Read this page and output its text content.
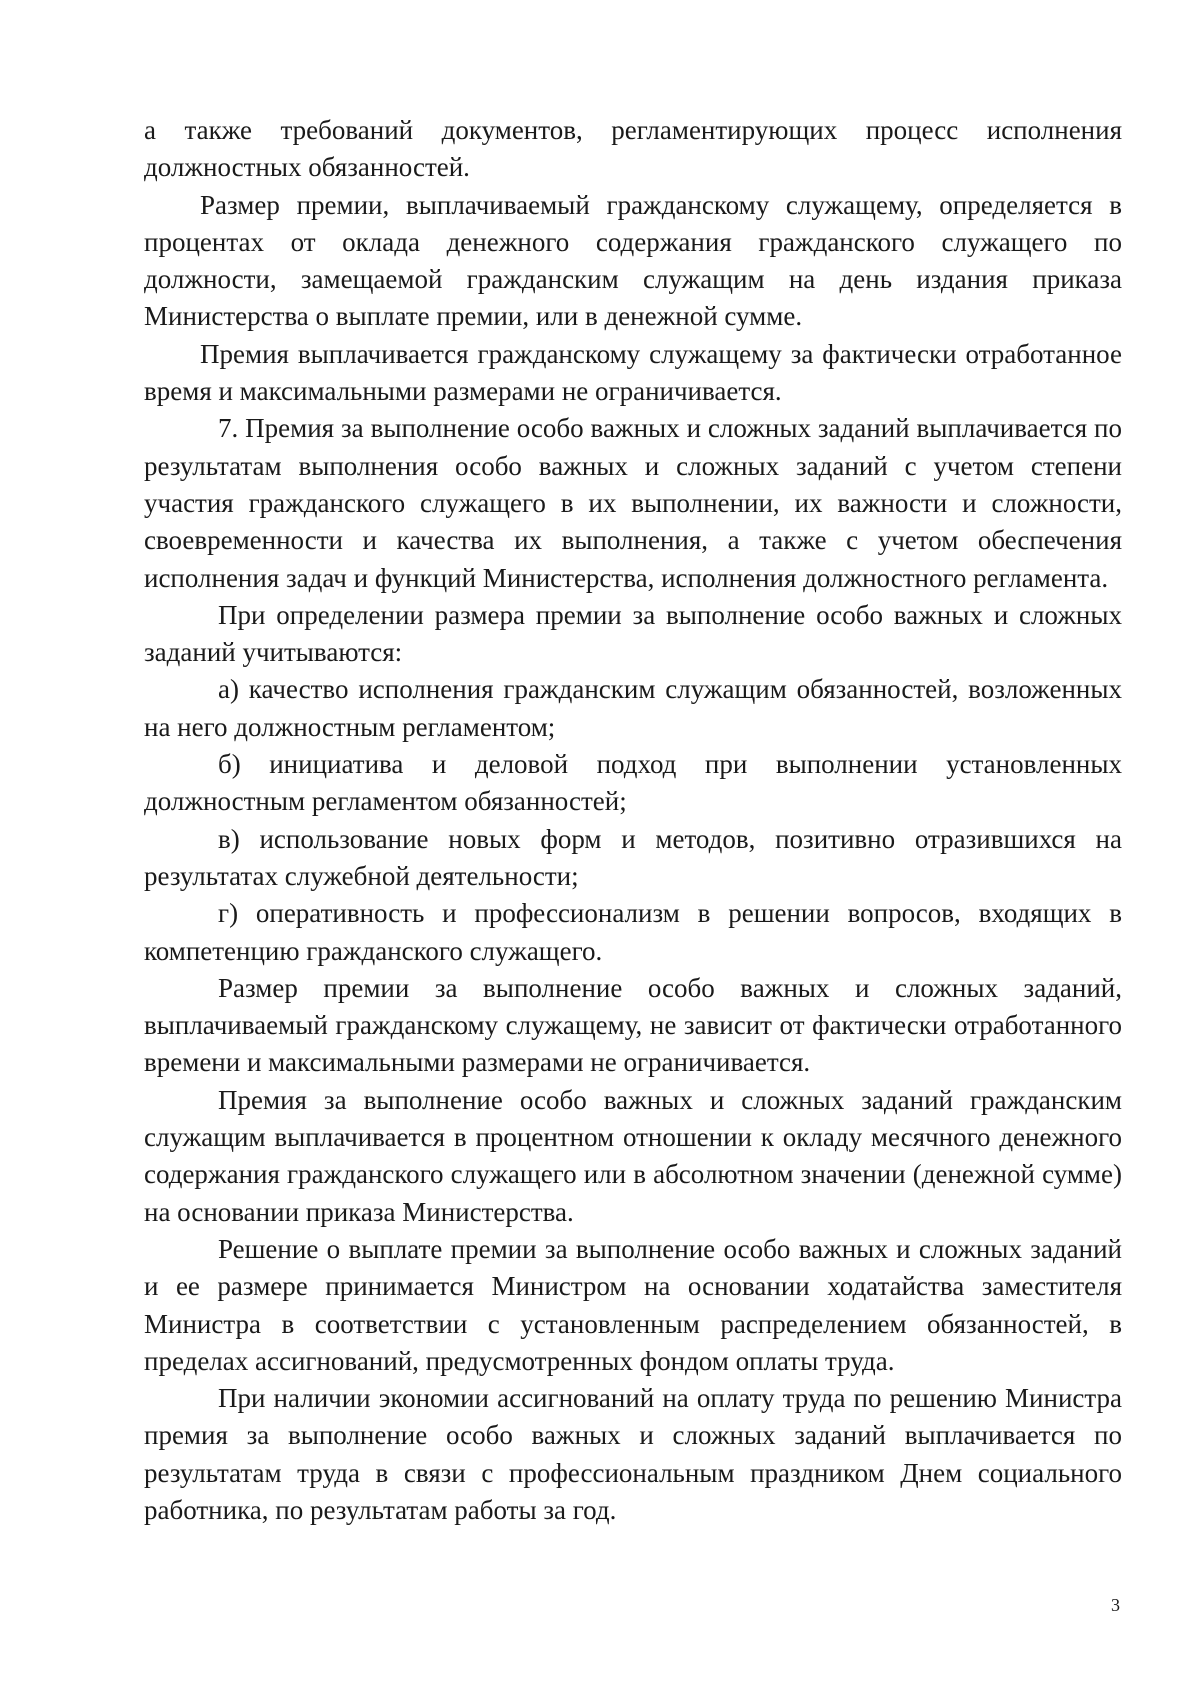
а также требований документов, регламентирующих процесс исполнения должностных обязанностей.

Размер премии, выплачиваемый гражданскому служащему, определяется в процентах от оклада денежного содержания гражданского служащего по должности, замещаемой гражданским служащим на день издания приказа Министерства о выплате премии, или в денежной сумме.

Премия выплачивается гражданскому служащему за фактически отработанное время и максимальными размерами не ограничивается.

7. Премия за выполнение особо важных и сложных заданий выплачивается по результатам выполнения особо важных и сложных заданий с учетом степени участия гражданского служащего в их выполнении, их важности и сложности, своевременности и качества их выполнения, а также с учетом обеспечения исполнения задач и функций Министерства, исполнения должностного регламента.

При определении размера премии за выполнение особо важных и сложных заданий учитываются:

а) качество исполнения гражданским служащим обязанностей, возложенных на него должностным регламентом;

б) инициатива и деловой подход при выполнении установленных должностным регламентом обязанностей;

в) использование новых форм и методов, позитивно отразившихся на результатах служебной деятельности;

г) оперативность и профессионализм в решении вопросов, входящих в компетенцию гражданского служащего.

Размер премии за выполнение особо важных и сложных заданий, выплачиваемый гражданскому служащему, не зависит от фактически отработанного времени и максимальными размерами не ограничивается.

Премия за выполнение особо важных и сложных заданий гражданским служащим выплачивается в процентном отношении к окладу месячного денежного содержания гражданского служащего или в абсолютном значении (денежной сумме) на основании приказа Министерства.

Решение о выплате премии за выполнение особо важных и сложных заданий и ее размере принимается Министром на основании ходатайства заместителя Министра в соответствии с установленным распределением обязанностей, в пределах ассигнований, предусмотренных фондом оплаты труда.

При наличии экономии ассигнований на оплату труда по решению Министра премия за выполнение особо важных и сложных заданий выплачивается по результатам труда в связи с профессиональным праздником Днем социального работника, по результатам работы за год.

3
